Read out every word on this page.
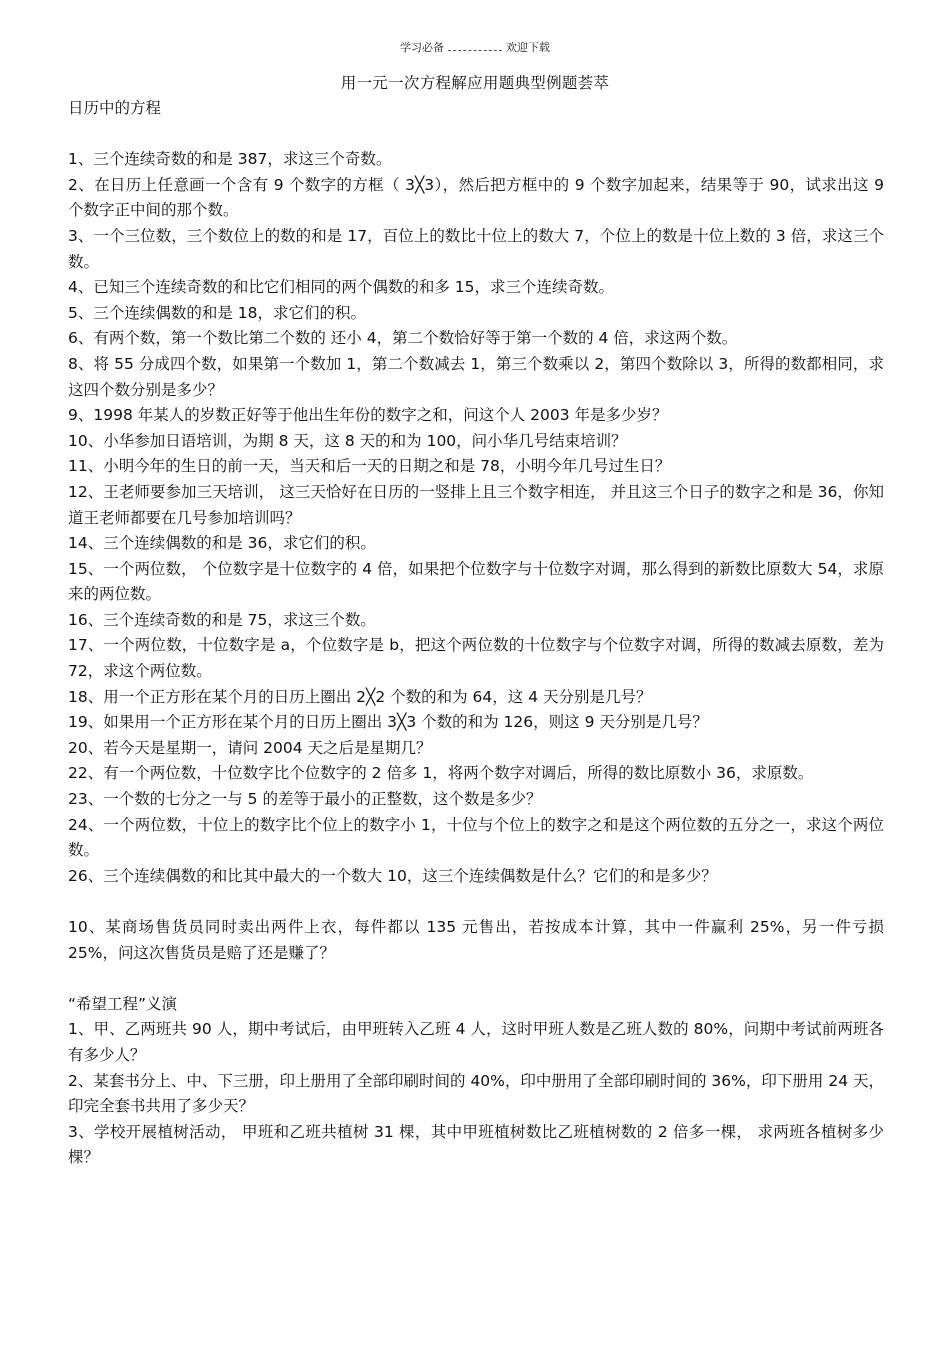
学习必备	欢迎下载
用一元一次方程解应用题典型例题荟萃

日历中的方程

1、三个连续奇数的和是 387，求这三个奇数。

2、在日历上任意画一个含有 9 个数字的方框（ 3╳3），然后把方框中的 9 个数字加起来，结果等于 90，试求出这 9 个数字正中间的那个数。

3、一个三位数，三个数位上的数的和是 17，百位上的数比十位上的数大 7，个位上的数是十位上数的 3 倍，求这三个数。

4、已知三个连续奇数的和比它们相同的两个偶数的和多 15，求三个连续奇数。

5、三个连续偶数的和是 18，求它们的积。

6、有两个数，第一个数比第二个数的 还小 4，第二个数恰好等于第一个数的 4 倍，求这两个数。

8、将 55 分成四个数，如果第一个数加 1，第二个数减去 1，第三个数乘以 2，第四个数除以 3，所得的数都相同，求这四个数分别是多少？

9、1998 年某人的岁数正好等于他出生年份的数字之和，问这个人 2003 年是多少岁？

10、小华参加日语培训，为期 8 天，这 8 天的和为 100，问小华几号结束培训？

11、小明今年的生日的前一天，当天和后一天的日期之和是 78，小明今年几号过生日？

12、王老师要参加三天培训， 这三天恰好在日历的一竖排上且三个数字相连， 并且这三个日子的数字之和是 36，你知道王老师都要在几号参加培训吗？

14、三个连续偶数的和是 36，求它们的积。

15、一个两位数， 个位数字是十位数字的 4 倍，如果把个位数字与十位数字对调，那么得到的新数比原数大 54，求原来的两位数。

16、三个连续奇数的和是 75，求这三个数。

17、一个两位数，十位数字是 a，个位数字是 b，把这个两位数的十位数字与个位数字对调，所得的数减去原数，差为 72，求这个两位数。

18、用一个正方形在某个月的日历上圈出 2╳2 个数的和为 64，这 4 天分别是几号？

19、如果用一个正方形在某个月的日历上圈出 3╳3 个数的和为 126，则这 9 天分别是几号？

20、若今天是星期一，请问 2004 天之后是星期几？

22、有一个两位数，十位数字比个位数字的 2 倍多 1，将两个数字对调后，所得的数比原数小 36，求原数。

23、一个数的七分之一与 5 的差等于最小的正整数，这个数是多少？

24、一个两位数，十位上的数字比个位上的数字小 1，十位与个位上的数字之和是这个两位数的五分之一，求这个两位数。

26、三个连续偶数的和比其中最大的一个数大 10，这三个连续偶数是什么？它们的和是多少？

10、某商场售货员同时卖出两件上衣，每件都以 135 元售出，若按成本计算，其中一件赢利 25%，另一件亏损 25%，问这次售货员是赔了还是赚了？

“希望工程”义演

1、甲、乙两班共 90 人，期中考试后，由甲班转入乙班 4 人，这时甲班人数是乙班人数的 80%，问期中考试前两班各有多少人？

2、某套书分上、中、下三册，印上册用了全部印刷时间的 40%，印中册用了全部印刷时间的 36%，印下册用 24 天，印完全套书共用了多少天？

3、学校开展植树活动， 甲班和乙班共植树 31 棵，其中甲班植树数比乙班植树数的 2 倍多一棵， 求两班各植树多少棵？
